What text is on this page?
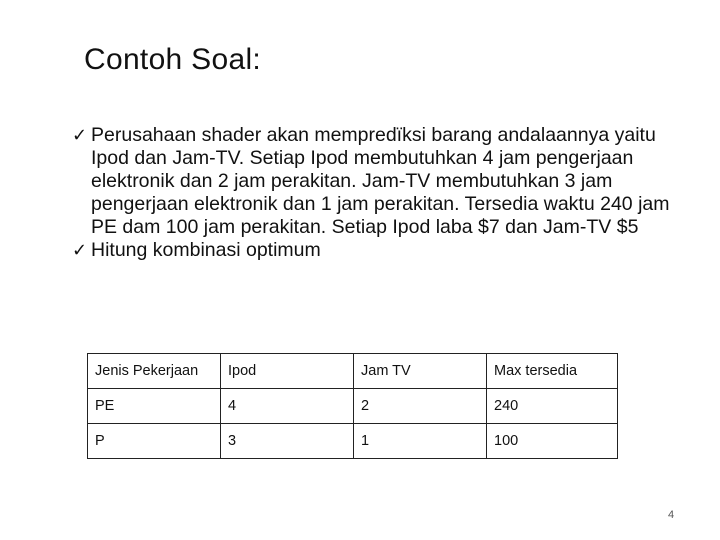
Contoh Soal:
✓ Perusahaan shader akan mempredïksi barang andalaannya yaitu Ipod dan Jam-TV. Setiap Ipod membutuhkan 4 jam pengerjaan elektronik dan 2 jam perakitan. Jam-TV membutuhkan 3 jam pengerjaan elektronik dan 1 jam perakitan. Tersedia waktu 240 jam PE dam 100 jam perakitan. Setiap Ipod laba $7 dan Jam-TV $5
✓ Hitung kombinasi optimum
Jenis Pekerjaan	Ipod	Jam TV	Max tersedia
PE	4	2	240
P	3	1	100
4
